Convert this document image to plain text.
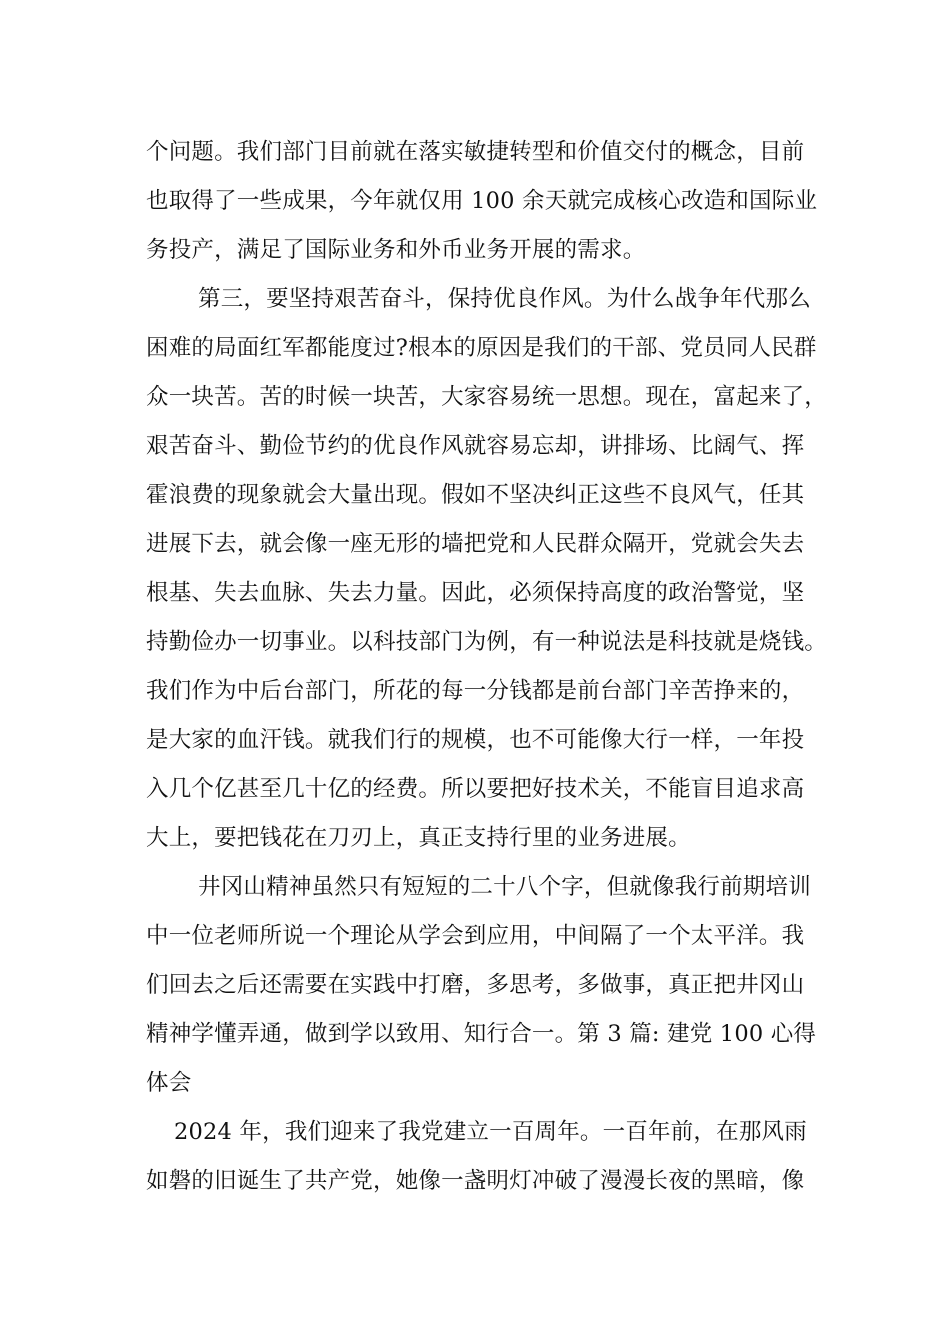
个问题。我们部门目前就在落实敏捷转型和价值交付的概念，目前
也取得了一些成果，今年就仅用 100 余天就完成核心改造和国际业
务投产，满足了国际业务和外币业务开展的需求。
第三，要坚持艰苦奋斗，保持优良作风。为什么战争年代那么
困难的局面红军都能度过?根本的原因是我们的干部、党员同人民群
众一块苦。苦的时候一块苦，大家容易统一思想。现在，富起来了，
艰苦奋斗、勤俭节约的优良作风就容易忘却，讲排场、比阔气、挥
霍浪费的现象就会大量出现。假如不坚决纠正这些不良风气，任其
进展下去，就会像一座无形的墙把党和人民群众隔开，党就会失去
根基、失去血脉、失去力量。因此，必须保持高度的政治警觉，坚
持勤俭办一切事业。以科技部门为例，有一种说法是科技就是烧钱。
我们作为中后台部门，所花的每一分钱都是前台部门辛苦挣来的，
是大家的血汗钱。就我们行的规模，也不可能像大行一样，一年投
入几个亿甚至几十亿的经费。所以要把好技术关，不能盲目追求高
大上，要把钱花在刀刃上，真正支持行里的业务进展。
井冈山精神虽然只有短短的二十八个字，但就像我行前期培训
中一位老师所说一个理论从学会到应用，中间隔了一个太平洋。我
们回去之后还需要在实践中打磨，多思考，多做事，真正把井冈山
精神学懂弄通，做到学以致用、知行合一。第 3 篇: 建党 100 心得
体会
2024 年，我们迎来了我党建立一百周年。一百年前，在那风雨
如磐的旧诞生了共产党，她像一盏明灯冲破了漫漫长夜的黑暗，像
